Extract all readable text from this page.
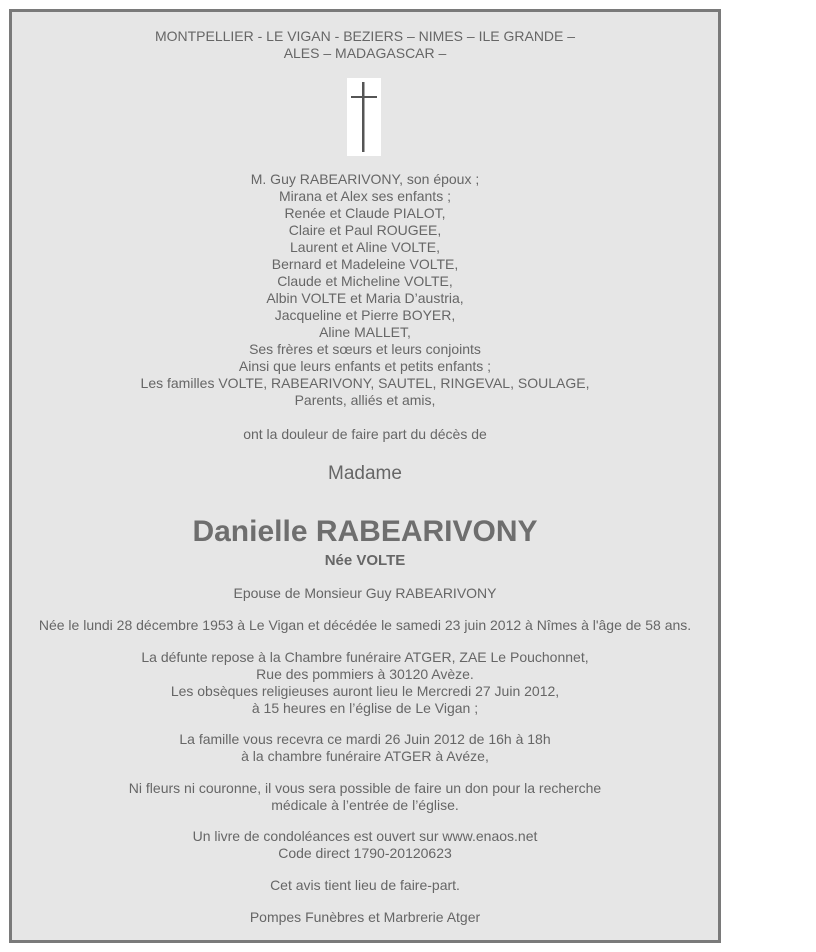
MONTPELLIER - LE VIGAN - BEZIERS – NIMES – ILE GRANDE –
ALES – MADAGASCAR –
M. Guy RABEARIVONY, son époux ;
Mirana et Alex ses enfants ;
Renée et Claude PIALOT,
Claire et Paul ROUGEE,
Laurent et Aline VOLTE,
Bernard et Madeleine VOLTE,
Claude et Micheline VOLTE,
Albin VOLTE et Maria D’austria,
Jacqueline et Pierre BOYER,
Aline MALLET,
Ses frères et sœurs et leurs conjoints
Ainsi que leurs enfants et petits enfants ;
Les familles VOLTE, RABEARIVONY, SAUTEL, RINGEVAL, SOULAGE,
Parents, alliés et amis,
ont la douleur de faire part du décès de
Madame
Danielle RABEARIVONY
Née VOLTE
Epouse de Monsieur Guy RABEARIVONY
Née le lundi 28 décembre 1953 à Le Vigan et décédée le samedi 23 juin 2012 à Nîmes à l'âge de 58 ans.
La défunte repose à la Chambre funéraire ATGER, ZAE Le Pouchonnet,
Rue des pommiers à 30120 Avèze.
Les obsèques religieuses auront lieu le Mercredi 27 Juin 2012,
à 15 heures en l’église de Le Vigan ;
La famille vous recevra ce mardi 26 Juin 2012 de 16h à 18h
à la chambre funéraire ATGER à Avéze,
Ni fleurs ni couronne, il vous sera possible de faire un don pour la recherche
médicale à l’entrée de l’église.
Un livre de condoléances est ouvert sur www.enaos.net
Code direct 1790-20120623
Cet avis tient lieu de faire-part.
Pompes Funèbres et Marbrerie Atger
